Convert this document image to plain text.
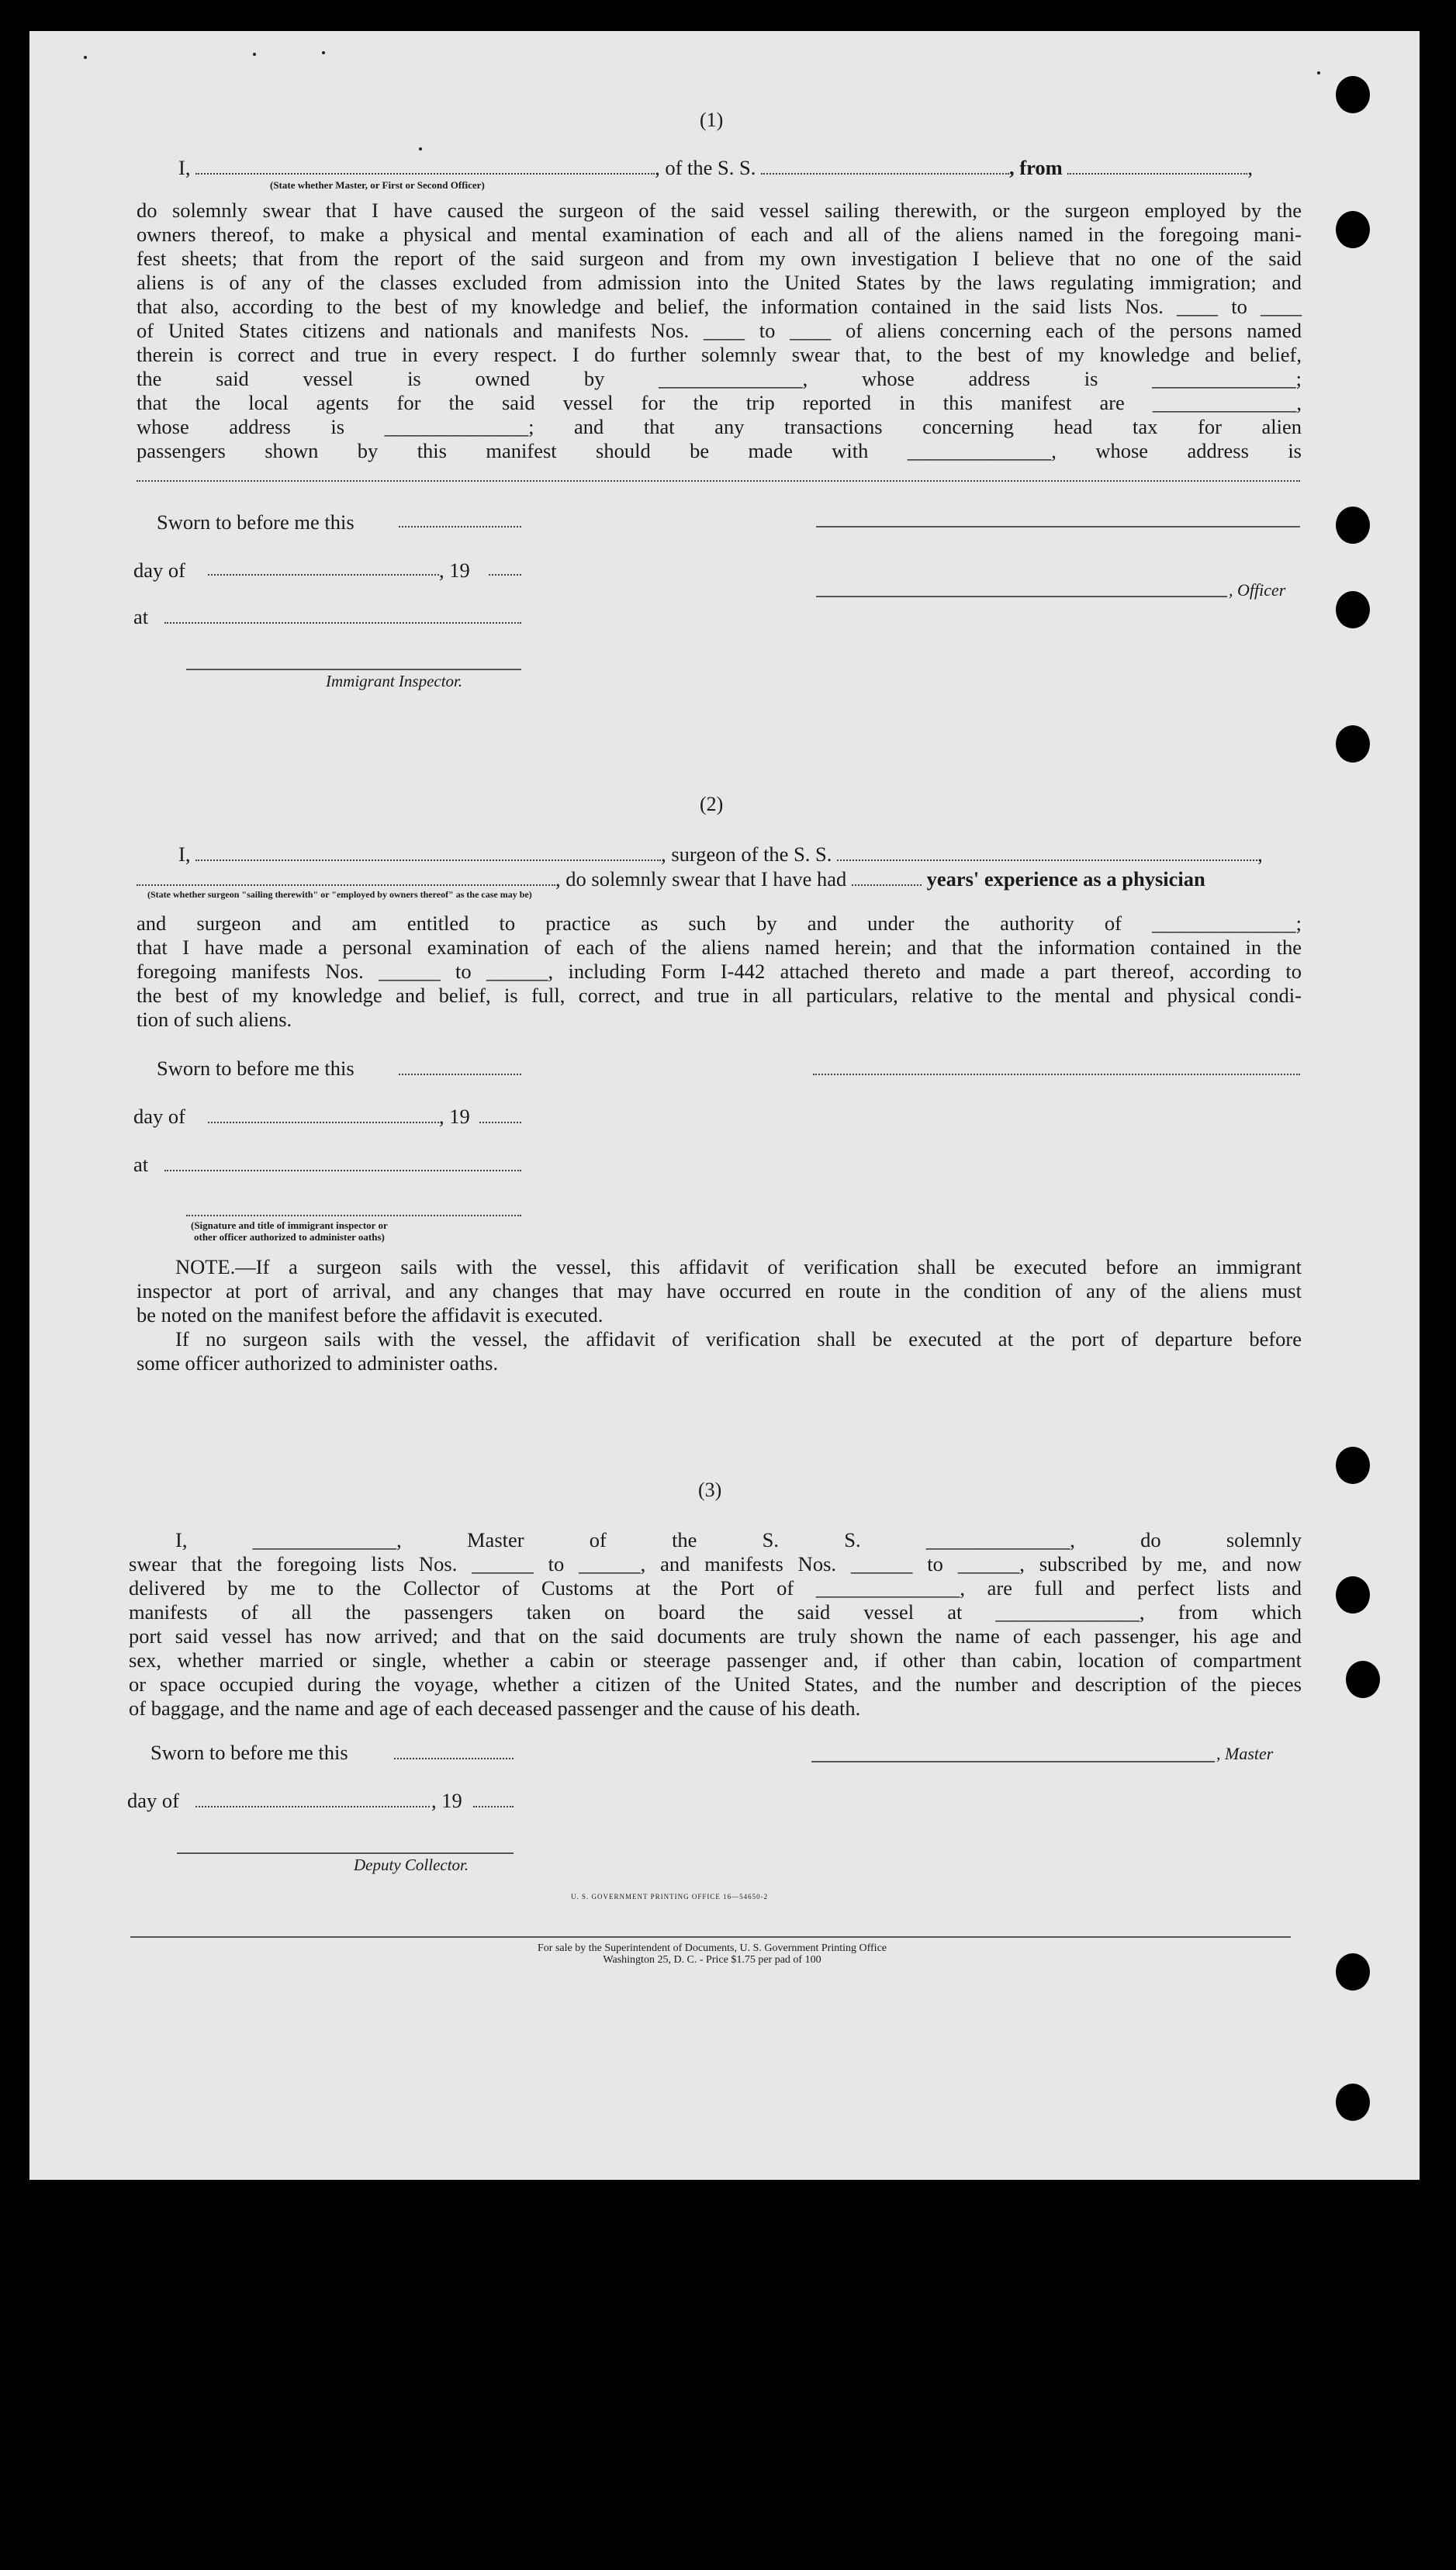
(1)
I,	, of the S. S.	, from	,
(State whether Master, or First or Second Officer)
do solemnly swear that I have caused the surgeon of the said vessel sailing therewith, or the surgeon employed by the
owners thereof, to make a physical and mental examination of each and all of the aliens named in the foregoing mani-
fest sheets; that from the report of the said surgeon and from my own investigation I believe that no one of the said
aliens is of any of the classes excluded from admission into the United States by the laws regulating immigration; and
that also, according to the best of my knowledge and belief, the information contained in the said lists Nos. ____ to ____
of United States citizens and nationals and manifests Nos. ____ to ____ of aliens concerning each of the persons named
therein is correct and true in every respect. I do further solemnly swear that, to the best of my knowledge and belief,
the said vessel is owned by ______________, whose address is ______________;
that the local agents for the said vessel for the trip reported in this manifest are ______________,
whose address is ______________; and that any transactions concerning head tax for alien
passengers shown by this manifest should be made with ______________, whose address is
Sworn to before me this
day of	, 19
, Officer
at
Immigrant Inspector.
(2)
I,	, surgeon of the S. S.	,
, do solemnly swear that I have had	years' experience as a physician
(State whether surgeon "sailing therewith" or "employed by owners thereof" as the case may be)
and surgeon and am entitled to practice as such by and under the authority of ______________;
that I have made a personal examination of each of the aliens named herein; and that the information contained in the
foregoing manifests Nos. ______ to ______, including Form I-442 attached thereto and made a part thereof, according to
the best of my knowledge and belief, is full, correct, and true in all particulars, relative to the mental and physical condi-
tion of such aliens.
Sworn to before me this
day of	, 19
at
(Signature and title of immigrant inspector or
other officer authorized to administer oaths)
NOTE.—If a surgeon sails with the vessel, this affidavit of verification shall be executed before an immigrant
inspector at port of arrival, and any changes that may have occurred en route in the condition of any of the aliens must
be noted on the manifest before the affidavit is executed.
If no surgeon sails with the vessel, the affidavit of verification shall be executed at the port of departure before
some officer authorized to administer oaths.
(3)
I, ______________, Master of the S. S. ______________, do solemnly
swear that the foregoing lists Nos. ______ to ______, and manifests Nos. ______ to ______, subscribed by me, and now
delivered by me to the Collector of Customs at the Port of ______________, are full and perfect lists and
manifests of all the passengers taken on board the said vessel at ______________, from which
port said vessel has now arrived; and that on the said documents are truly shown the name of each passenger, his age and
sex, whether married or single, whether a cabin or steerage passenger and, if other than cabin, location of compartment
or space occupied during the voyage, whether a citizen of the United States, and the number and description of the pieces
of baggage, and the name and age of each deceased passenger and the cause of his death.
Sworn to before me this	, Master
day of	, 19
Deputy Collector.
U. S. GOVERNMENT PRINTING OFFICE 16—54650-2
For sale by the Superintendent of Documents, U. S. Government Printing Office
Washington 25, D. C. - Price $1.75 per pad of 100
